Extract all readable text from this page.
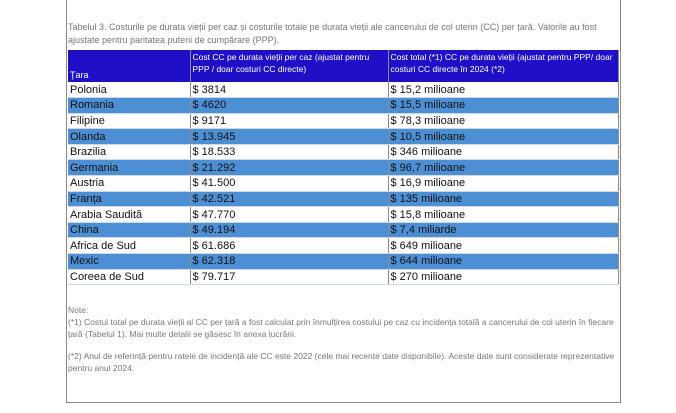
Tabelul 3. Costurile pe durata vieții per caz și costurile totale pe durata vieții ale cancerului de col uterin (CC) per țară. Valorile au fost ajustate pentru paritatea puterii de cumpărare (PPP).
Țara	Cost CC pe durata vieții per caz (ajustat pentru PPP / doar costuri CC directe)	Cost total (*1) CC pe durata vieții (ajustat pentru PPP/ doar costuri CC directe în 2024 (*2)
Polonia	$ 3814	$ 15,2 milioane
Romania	$ 4620	$ 15,5 milioane
Filipine	$ 9171	$ 78,3 milioane
Olanda	$ 13.945	$ 10,5 milioane
Brazilia	$ 18.533	$ 346 milioane
Germania	$ 21.292	$ 96,7 milioane
Austria	$ 41.500	$ 16,9 milioane
Franța	$ 42.521	$ 135 milioane
Arabia Saudită	$ 47.770	$ 15,8 milioane
China	$ 49.194	$ 7,4 miliarde
Africa de Sud	$ 61.686	$ 649 milioane
Mexic	$ 62.318	$ 644 milioane
Coreea de Sud	$ 79.717	$ 270 milioane

Note:

(*1) Costul total pe durata vieții al CC per țară a fost calculat prin înmulțirea costului pe caz cu incidența totală a cancerului de col uterin în fiecare țară (Tabelul 1). Mai multe detalii se găsesc în anexa lucrării.

(*2) Anul de referință pentru ratele de incidență ale CC este 2022 (cele mai recente date disponibile). Aceste date sunt considerate reprezentative pentru anul 2024.
